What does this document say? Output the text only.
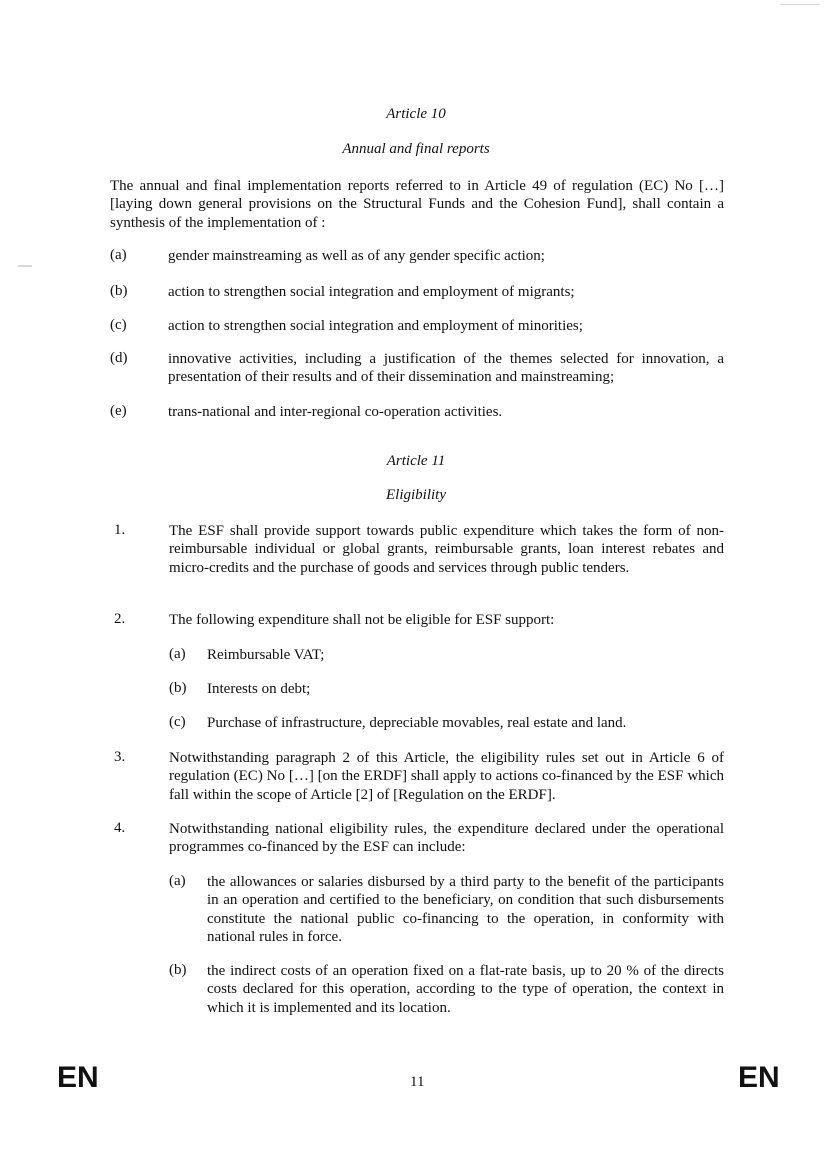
Article 10
Annual and final reports
The annual and final implementation reports referred to in Article 49 of regulation (EC) No […] [laying down general provisions on the Structural Funds and the Cohesion Fund], shall contain a synthesis of the implementation of :
(a)	gender mainstreaming as well as of any gender specific action;
(b)	action to strengthen social integration and employment of migrants;
(c)	action to strengthen social integration and employment of minorities;
(d)	innovative activities, including a justification of the themes selected for innovation, a presentation of their results and of their dissemination and mainstreaming;
(e)	trans-national and inter-regional co-operation activities.
Article 11
Eligibility
1.	The ESF shall provide support towards public expenditure which takes the form of non-reimbursable individual or global grants, reimbursable grants, loan interest rebates and micro-credits and the purchase of goods and services through public tenders.
2.	The following expenditure shall not be eligible for ESF support:
(a) Reimbursable VAT;
(b) Interests on debt;
(c) Purchase of infrastructure, depreciable movables, real estate and land.
3.	Notwithstanding paragraph 2 of this Article, the eligibility rules set out in Article 6 of regulation (EC) No […] [on the ERDF] shall apply to actions co-financed by the ESF which fall within the scope of Article [2] of [Regulation on the ERDF].
4.	Notwithstanding national eligibility rules, the expenditure declared under the operational programmes co-financed by the ESF can include:
(a) the allowances or salaries disbursed by a third party to the benefit of the participants in an operation and certified to the beneficiary, on condition that such disbursements constitute the national public co-financing to the operation, in conformity with national rules in force.
(b) the indirect costs of an operation fixed on a flat-rate basis, up to 20 % of the directs costs declared for this operation, according to the type of operation, the context in which it is implemented and its location.
EN	11	EN
